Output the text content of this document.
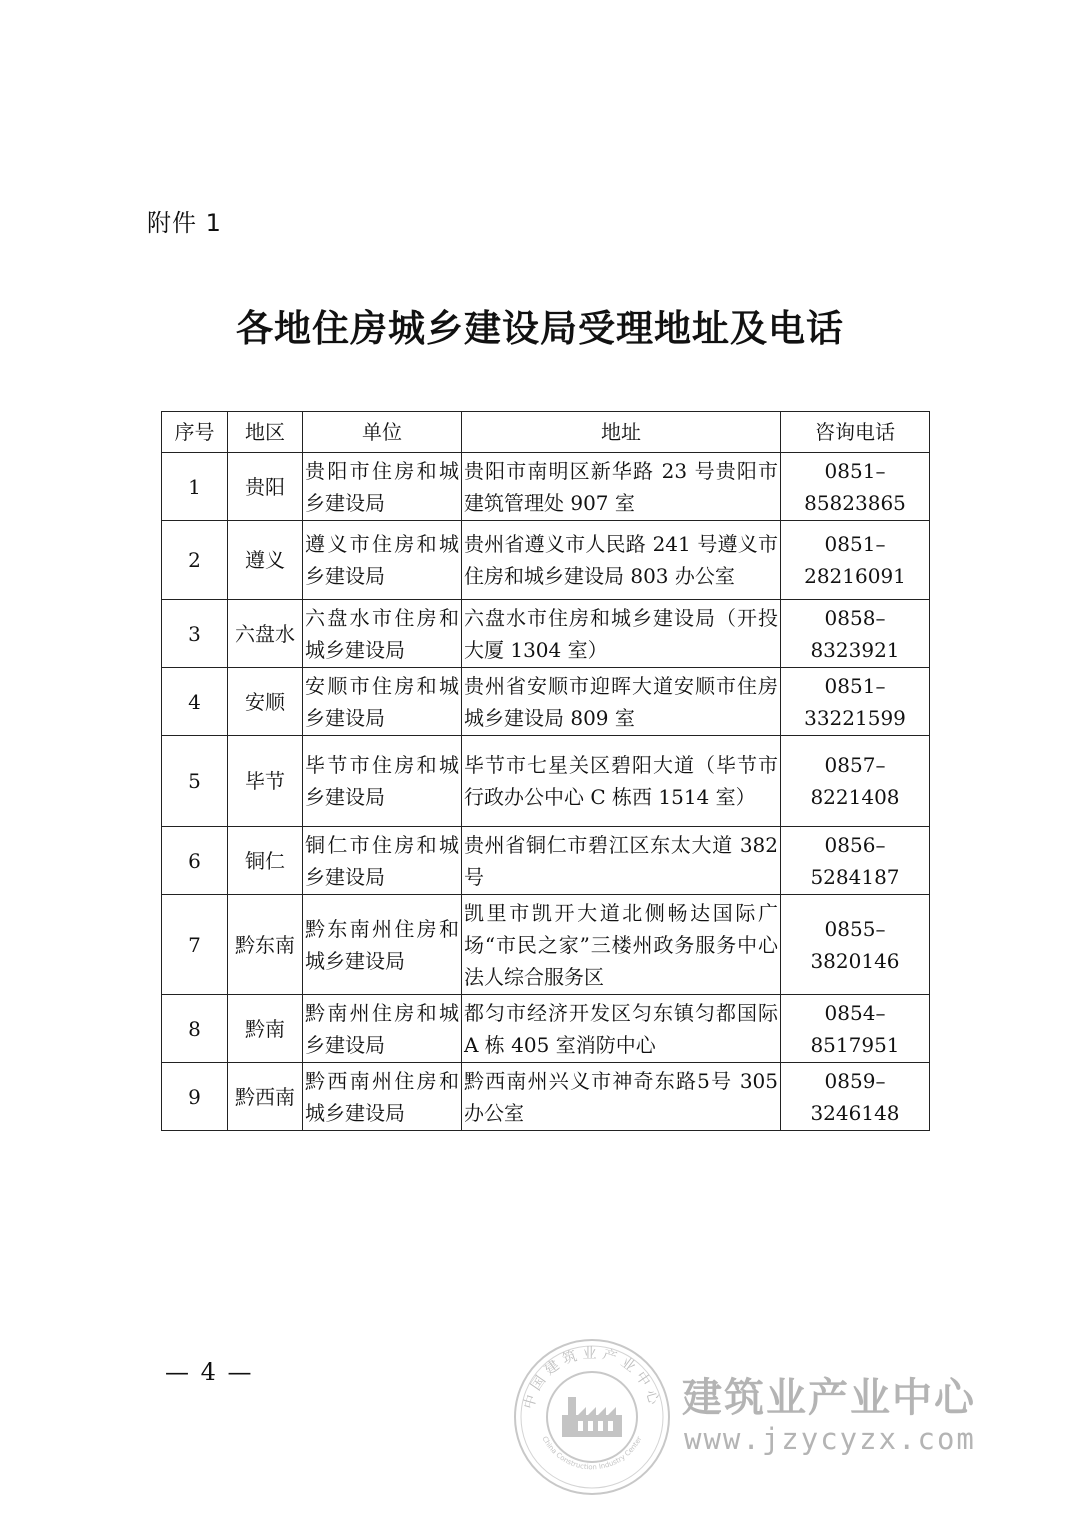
附件 1
各地住房城乡建设局受理地址及电话
序号	地区	单位	地址	咨询电话
1	贵阳	贵阳市住房和城乡建设局	贵阳市南明区新华路 23 号贵阳市建筑管理处 907 室	0851–85823865
2	遵义	遵义市住房和城乡建设局	贵州省遵义市人民路 241 号遵义市住房和城乡建设局 803 办公室	0851–28216091
3	六盘水	六盘水市住房和城乡建设局	六盘水市住房和城乡建设局（开投大厦 1304 室）	0858–8323921
4	安顺	安顺市住房和城乡建设局	贵州省安顺市迎晖大道安顺市住房城乡建设局 809 室	0851–33221599
5	毕节	毕节市住房和城乡建设局	毕节市七星关区碧阳大道（毕节市行政办公中心 C 栋西 1514 室）	0857–8221408
6	铜仁	铜仁市住房和城乡建设局	贵州省铜仁市碧江区东太大道 382 号	0856–5284187
7	黔东南	黔东南州住房和城乡建设局	凯里市凯开大道北侧畅达国际广场“市民之家”三楼州政务服务中心法人综合服务区	0855–3820146
8	黔南	黔南州住房和城乡建设局	都匀市经济开发区匀东镇匀都国际 A 栋 405 室消防中心	0854–8517951
9	黔西南	黔西南州住房和城乡建设局	黔西南州兴义市神奇东路5号 305 办公室	0859–3246148
— 4 —
中国建筑业产业中心
China Construction Industry Center
建筑业产业中心
www.jzycyzx.com
